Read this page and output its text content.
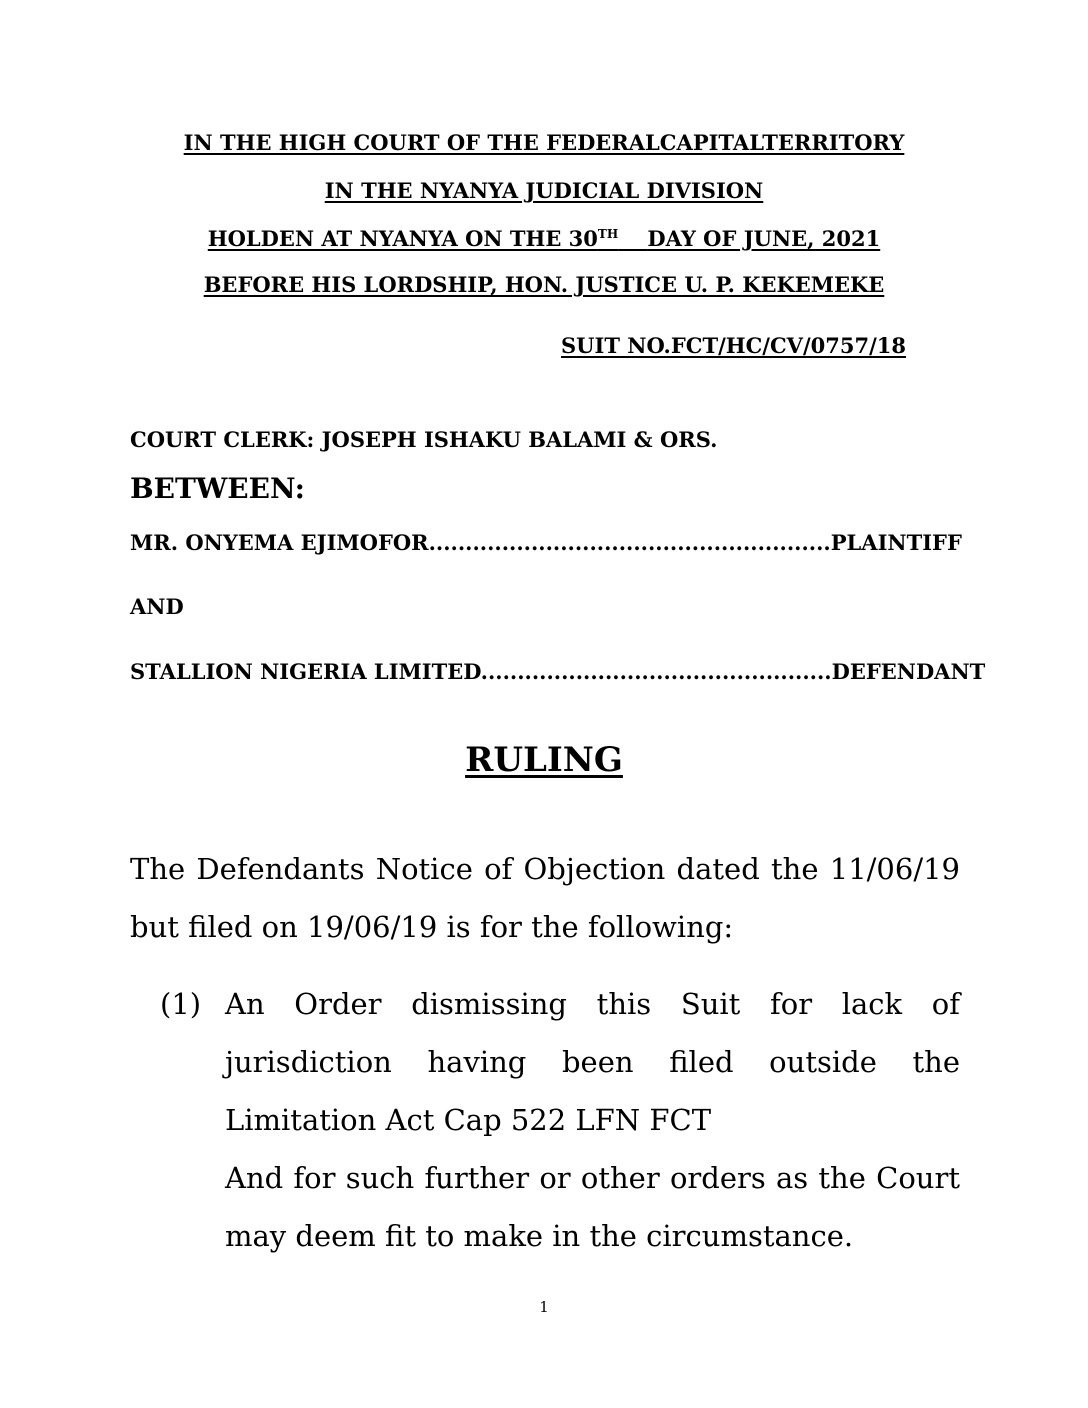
IN THE HIGH COURT OF THE FEDERALCAPITALTERRITORY
IN THE NYANYA JUDICIAL DIVISION
HOLDEN AT NYANYA ON THE 30TH DAY OF JUNE, 2021
BEFORE HIS LORDSHIP, HON. JUSTICE U. P. KEKEMEKE
SUIT NO.FCT/HC/CV/0757/18
COURT CLERK: JOSEPH ISHAKU BALAMI & ORS.
BETWEEN:
MR. ONYEMA EJIMOFOR.......................................................PLAINTIFF
AND
STALLION NIGERIA LIMITED................................................DEFENDANT
RULING

The Defendants Notice of Objection dated the 11/06/19 but filed on 19/06/19 is for the following:

(1) An Order dismissing this Suit for lack of jurisdiction having been filed outside the Limitation Act Cap 522 LFN FCT

And for such further or other orders as the Court may deem fit to make in the circumstance.

1
